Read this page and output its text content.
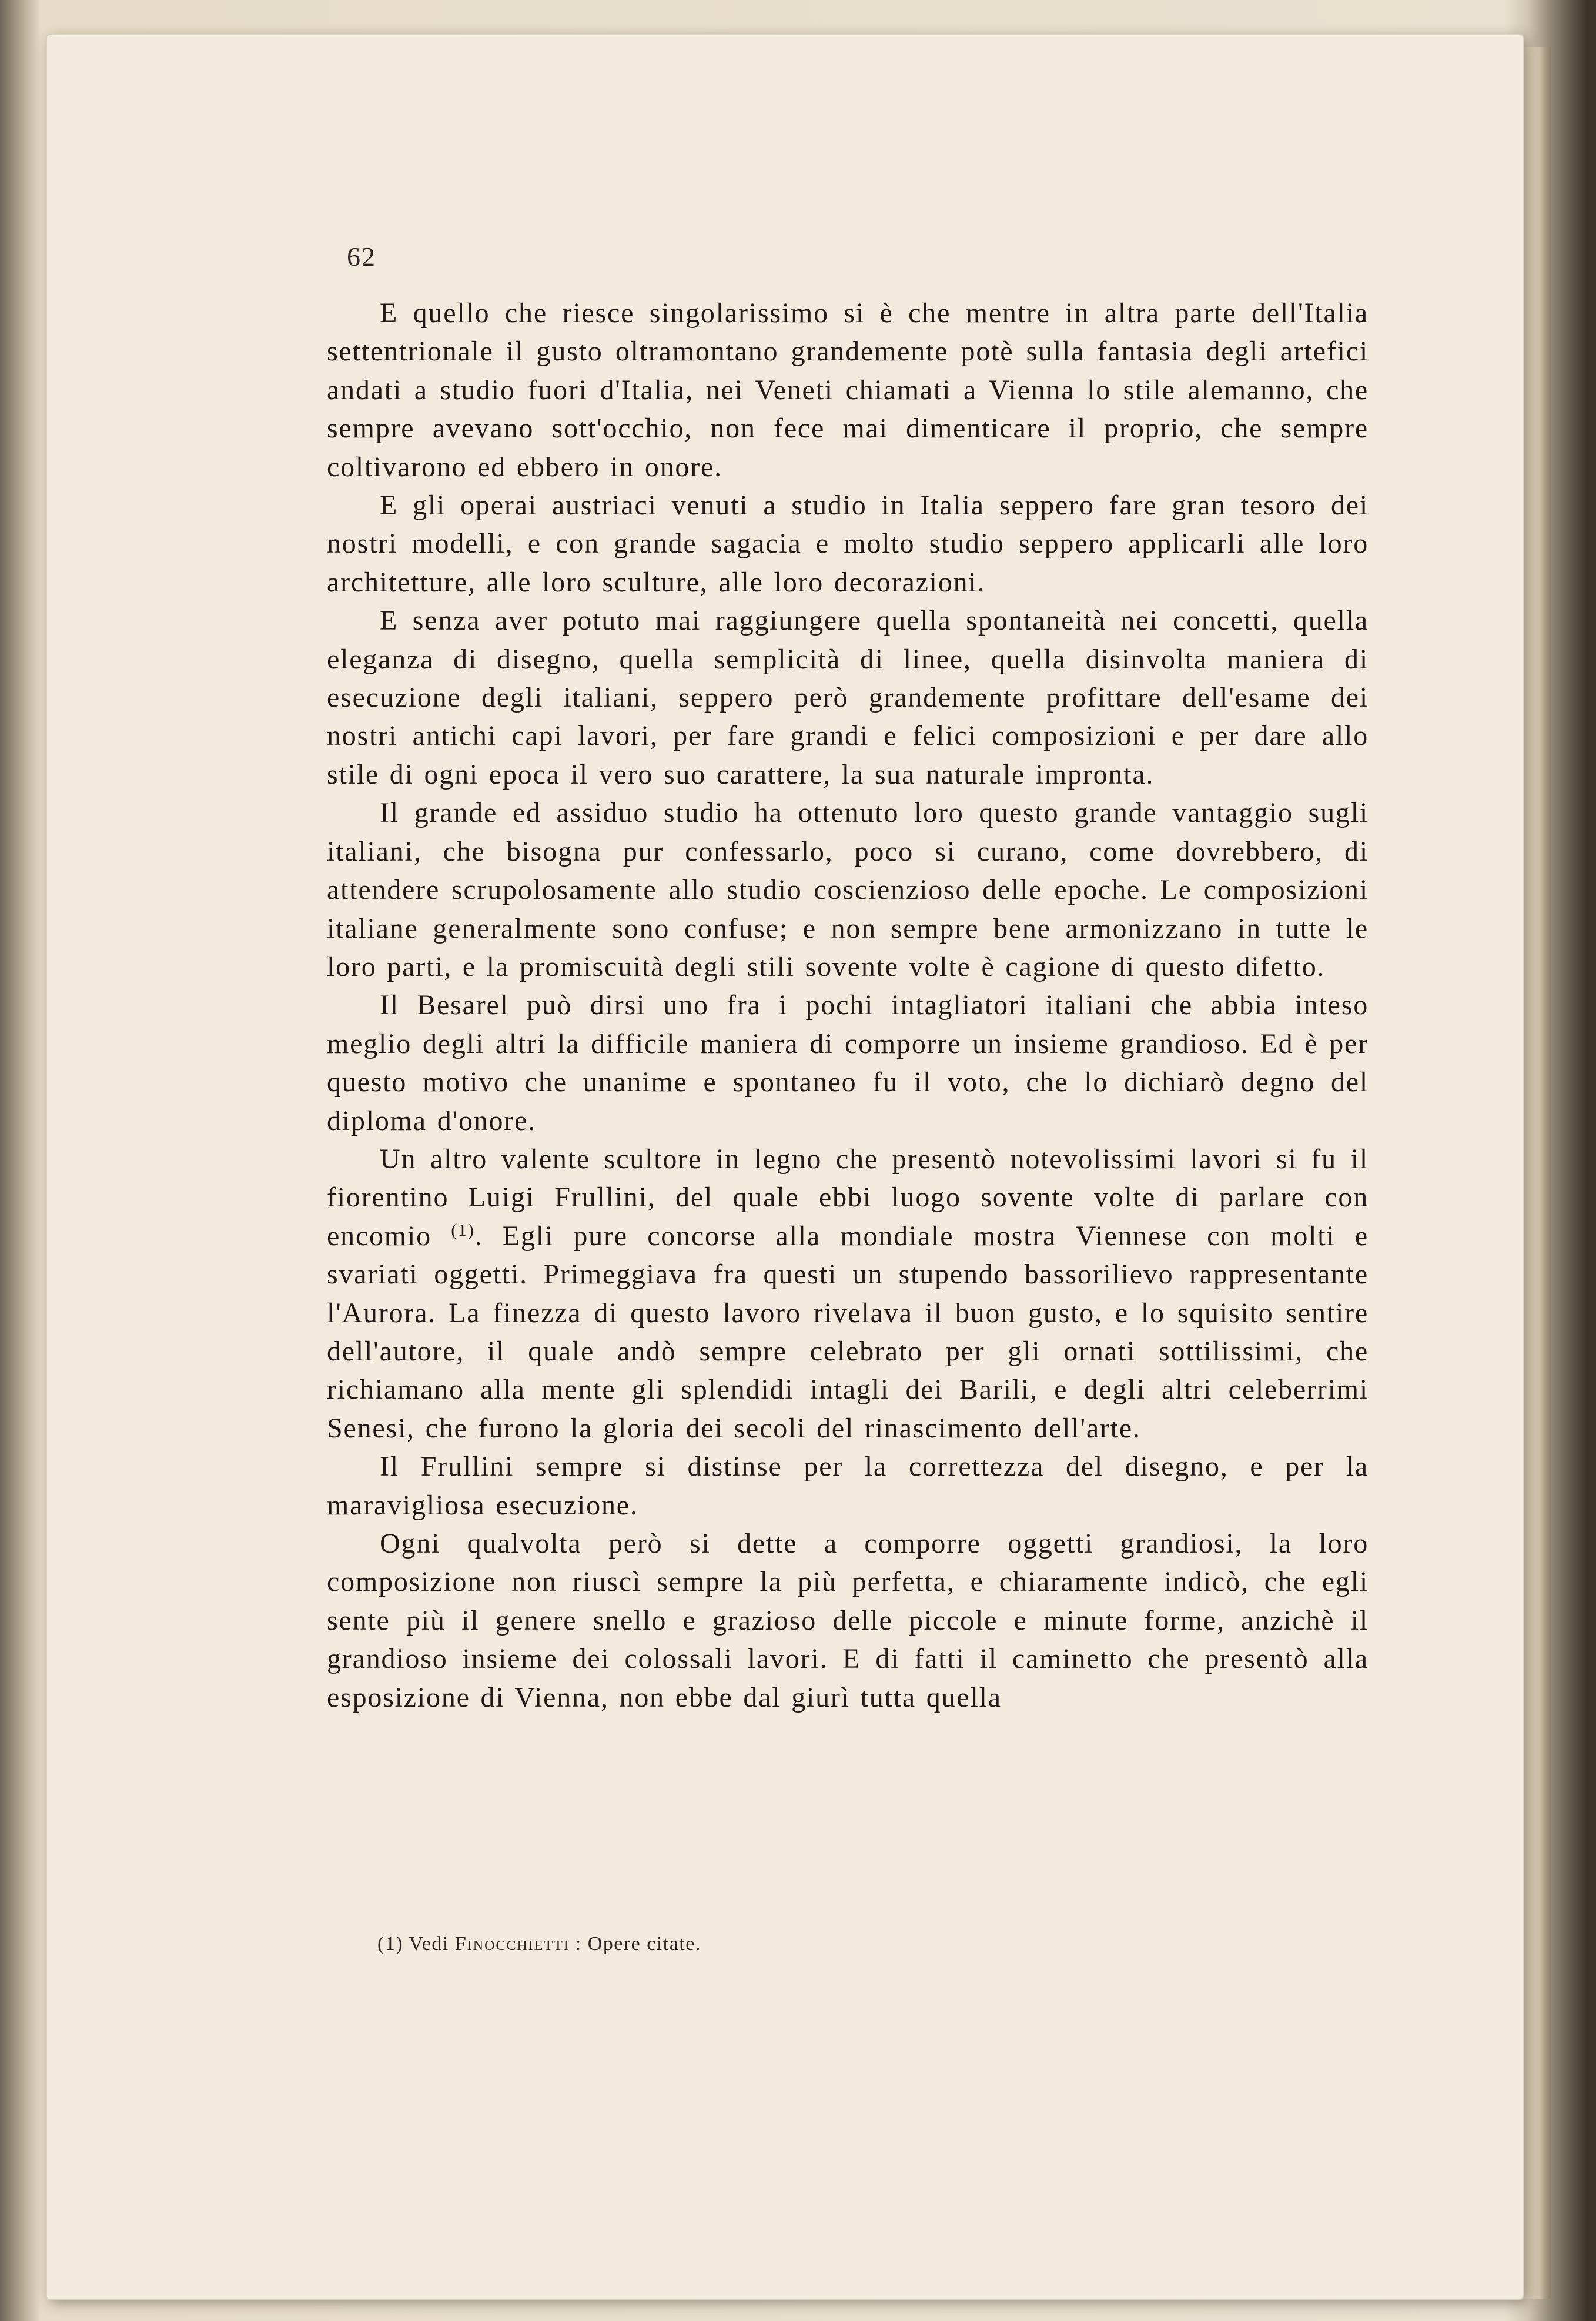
62

E quello che riesce singolarissimo si è che mentre in altra parte dell'Italia settentrionale il gusto oltramontano grandemente potè sulla fantasia degli artefici andati a studio fuori d'Italia, nei Veneti chiamati a Vienna lo stile alemanno, che sempre avevano sott'occhio, non fece mai dimenticare il proprio, che sempre coltivarono ed ebbero in onore.

E gli operai austriaci venuti a studio in Italia seppero fare gran tesoro dei nostri modelli, e con grande sagacia e molto studio seppero applicarli alle loro architetture, alle loro sculture, alle loro decorazioni.

E senza aver potuto mai raggiungere quella spontaneità nei concetti, quella eleganza di disegno, quella semplicità di linee, quella disinvolta maniera di esecuzione degli italiani, seppero però grandemente profittare dell'esame dei nostri antichi capi lavori, per fare grandi e felici composizioni e per dare allo stile di ogni epoca il vero suo carattere, la sua naturale impronta.

Il grande ed assiduo studio ha ottenuto loro questo grande vantaggio sugli italiani, che bisogna pur confessarlo, poco si curano, come dovrebbero, di attendere scrupolosamente allo studio coscienzioso delle epoche. Le composizioni italiane generalmente sono confuse; e non sempre bene armonizzano in tutte le loro parti, e la promiscuità degli stili sovente volte è cagione di questo difetto.

Il Besarel può dirsi uno fra i pochi intagliatori italiani che abbia inteso meglio degli altri la difficile maniera di comporre un insieme grandioso. Ed è per questo motivo che unanime e spontaneo fu il voto, che lo dichiarò degno del diploma d'onore.

Un altro valente scultore in legno che presentò notevolissimi lavori si fu il fiorentino Luigi Frullini, del quale ebbi luogo sovente volte di parlare con encomio $^{(1)}$. Egli pure concorse alla mondiale mostra Viennese con molti e svariati oggetti. Primeggiava fra questi un stupendo bassorilievo rappresentante l'Aurora. La finezza di questo lavoro rivelava il buon gusto, e lo squisito sentire dell'autore, il quale andò sempre celebrato per gli ornati sottilissimi, che richiamano alla mente gli splendidi intagli dei Barili, e degli altri celeberrimi Senesi, che furono la gloria dei secoli del rinascimento dell'arte.

Il Frullini sempre si distinse per la correttezza del disegno, e per la maravigliosa esecuzione.

Ogni qualvolta però si dette a comporre oggetti grandiosi, la loro composizione non riuscì sempre la più perfetta, e chiaramente indicò, che egli sente più il genere snello e grazioso delle piccole e minute forme, anzichè il grandioso insieme dei colossali lavori. E di fatti il caminetto che presentò alla esposizione di Vienna, non ebbe dal giurì tutta quella

(1) Vedi Finocchietti : Opere citate.
